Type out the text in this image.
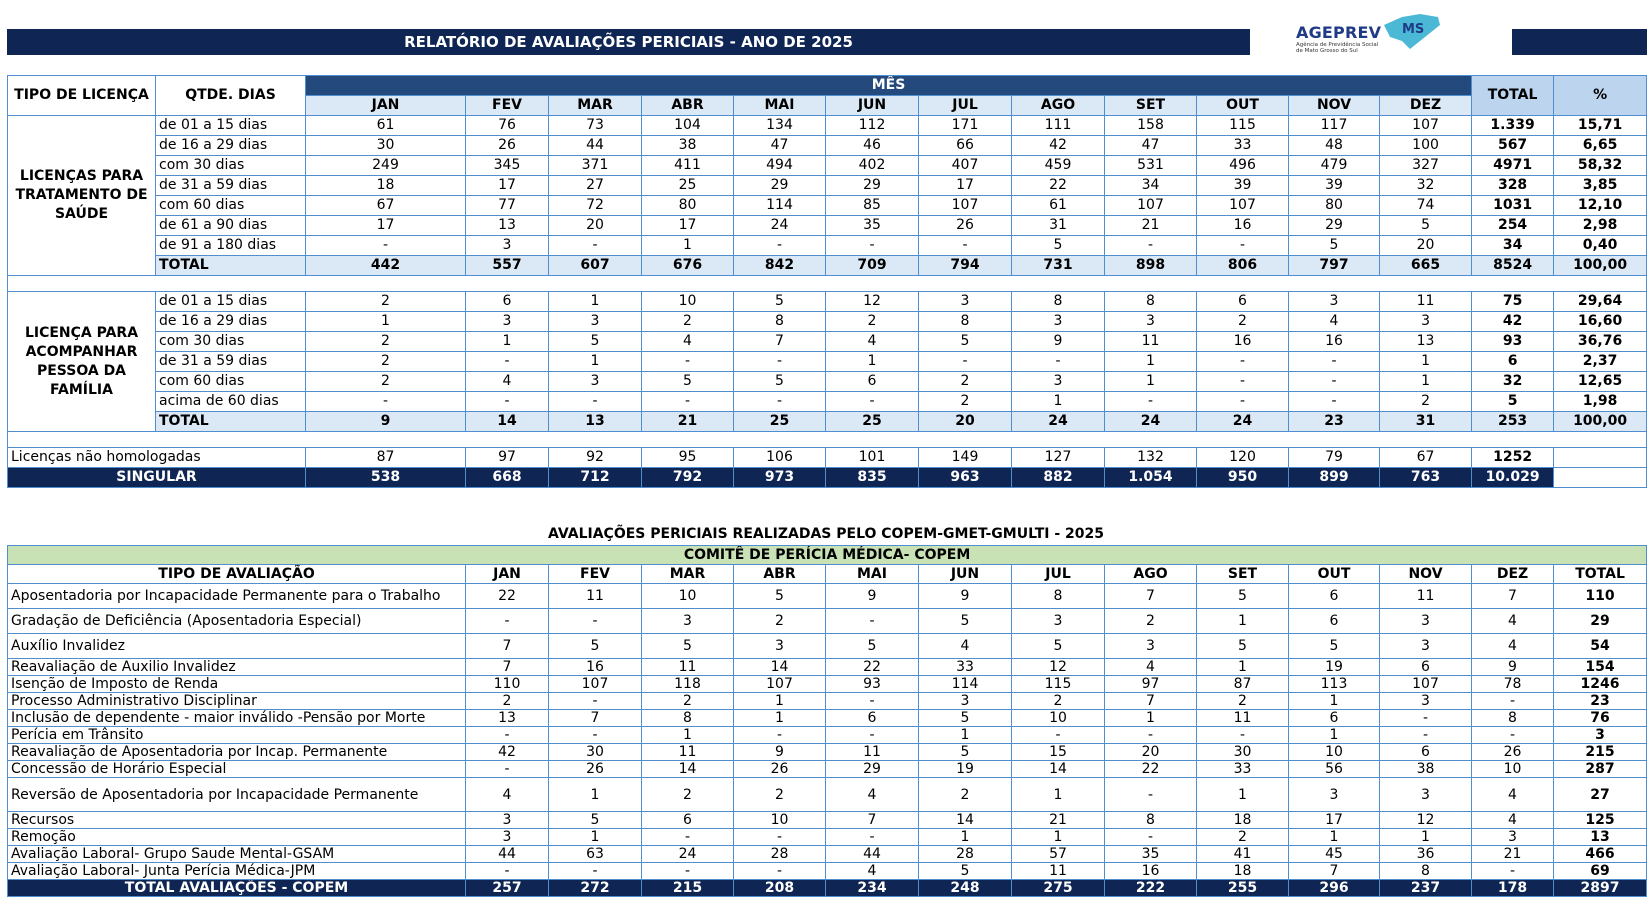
RELATÓRIO DE AVALIAÇÕES PERICIAIS - ANO DE 2025	AGEPREV
Agência de Previdência Social de Mato Grosso do Sul
MS
TIPO DE LICENÇA	QTDE. DIAS	MÊS												TOTAL	%
		JAN	FEV	MAR	ABR	MAI	JUN	JUL	AGO	SET	OUT	NOV	DEZ		
LICENÇAS PARA TRATAMENTO DE SAÚDE	de 01 a 15 dias	61	76	73	104	134	112	171	111	158	115	117	107	1.339	15,71
	de 16 a 29 dias	30	26	44	38	47	46	66	42	47	33	48	100	567	6,65
	com 30 dias	249	345	371	411	494	402	407	459	531	496	479	327	4971	58,32
	de 31 a 59 dias	18	17	27	25	29	29	17	22	34	39	39	32	328	3,85
	com 60 dias	67	77	72	80	114	85	107	61	107	107	80	74	1031	12,10
	de 61 a 90 dias	17	13	20	17	24	35	26	31	21	16	29	5	254	2,98
	de 91 a 180 dias	-	3	-	1	-	-	-	5	-	-	5	20	34	0,40
	TOTAL	442	557	607	676	842	709	794	731	898	806	797	665	8524	100,00

LICENÇA PARA ACOMPANHAR PESSOA DA FAMÍLIA	de 01 a 15 dias	2	6	1	10	5	12	3	8	8	6	3	11	75	29,64
	de 16 a 29 dias	1	3	3	2	8	2	8	3	3	2	4	3	42	16,60
	com 30 dias	2	1	5	4	7	4	5	9	11	16	16	13	93	36,76
	de 31 a 59 dias	2	-	1	-	-	1	-	-	1	-	-	1	6	2,37
	com 60 dias	2	4	3	5	5	6	2	3	1	-	-	1	32	12,65
	acima de 60 dias	-	-	-	-	-	-	2	1	-	-	-	2	5	1,98
	TOTAL	9	14	13	21	25	25	20	24	24	24	23	31	253	100,00

Licenças não homologadas		87	97	92	95	106	101	149	127	132	120	79	67	1252	
SINGULAR		538	668	712	792	973	835	963	882	1.054	950	899	763	10.029	
AVALIAÇÕES PERICIAIS REALIZADAS PELO COPEM-GMET-GMULTI - 2025
COMITÊ DE PERÍCIA MÉDICA- COPEM													
TIPO DE AVALIAÇÃO	JAN	FEV	MAR	ABR	MAI	JUN	JUL	AGO	SET	OUT	NOV	DEZ	TOTAL
Aposentadoria por Incapacidade Permanente para o Trabalho	22	11	10	5	9	9	8	7	5	6	11	7	110
Gradação de Deficiência (Aposentadoria Especial)	-	-	3	2	-	5	3	2	1	6	3	4	29
Auxílio Invalidez	7	5	5	3	5	4	5	3	5	5	3	4	54
Reavaliação de Auxilio Invalidez	7	16	11	14	22	33	12	4	1	19	6	9	154
Isenção de Imposto de Renda	110	107	118	107	93	114	115	97	87	113	107	78	1246
Processo Administrativo Disciplinar	2	-	2	1	-	3	2	7	2	1	3	-	23
Inclusão de dependente - maior inválido -Pensão por Morte	13	7	8	1	6	5	10	1	11	6	-	8	76
Perícia em Trânsito	-	-	1	-	-	1	-	-	-	1	-	-	3
Reavaliação de Aposentadoria por Incap. Permanente	42	30	11	9	11	5	15	20	30	10	6	26	215
Concessão de Horário Especial	-	26	14	26	29	19	14	22	33	56	38	10	287
Reversão de Aposentadoria por Incapacidade Permanente	4	1	2	2	4	2	1	-	1	3	3	4	27
Recursos	3	5	6	10	7	14	21	8	18	17	12	4	125
Remoção	3	1	-	-	-	1	1	-	2	1	1	3	13
Avaliação Laboral- Grupo Saude Mental-GSAM	44	63	24	28	44	28	57	35	41	45	36	21	466
Avaliação Laboral- Junta Perícia Médica-JPM	-	-	-	-	4	5	11	16	18	7	8	-	69
TOTAL AVALIAÇÕES - COPEM	257	272	215	208	234	248	275	222	255	296	237	178	2897
